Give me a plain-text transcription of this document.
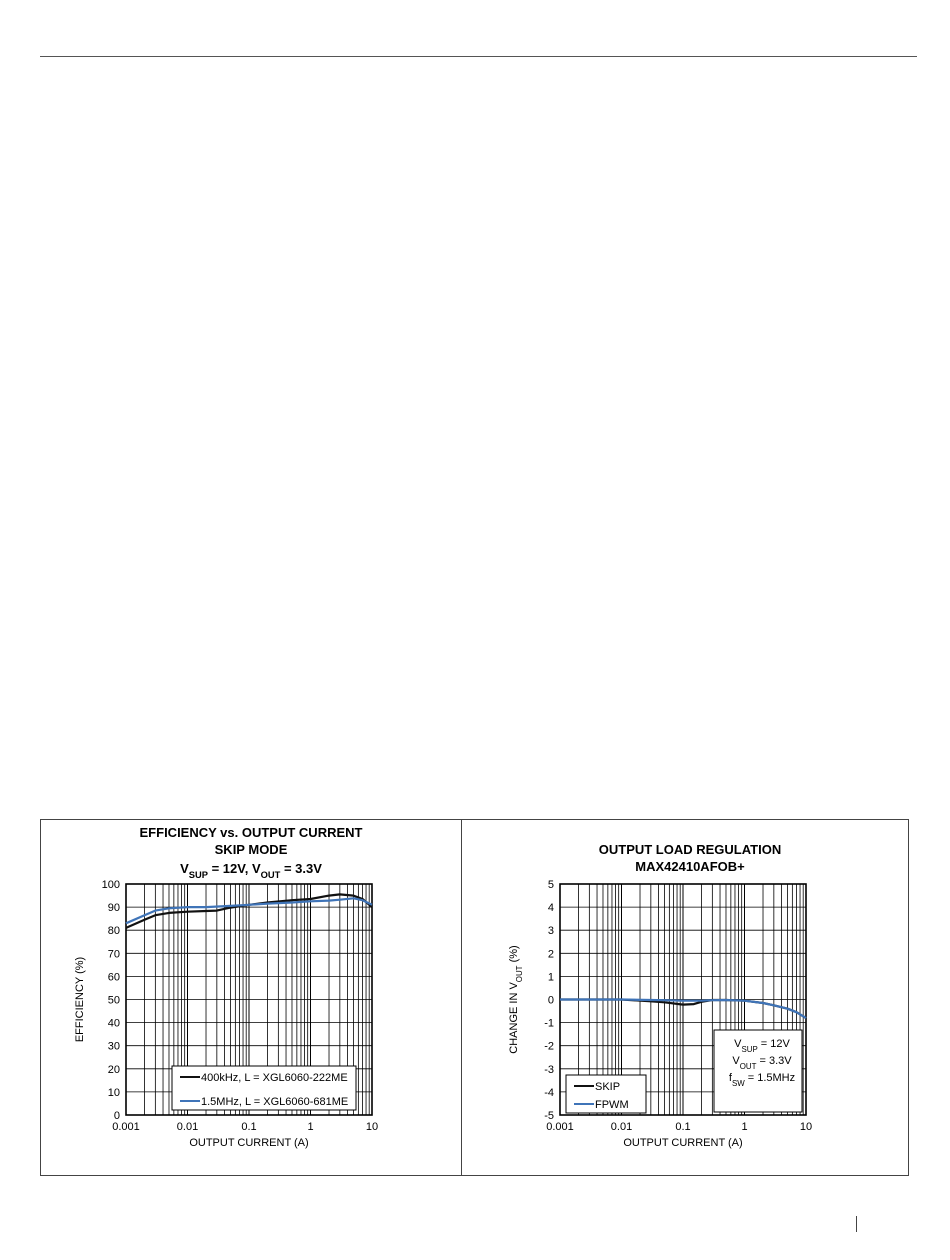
EFFICIENCY vs. OUTPUT CURRENT
SKIP MODE
$V_{SUP} = 12V$, $V_{OUT} = 3.3V$
0
10
20
30
40
50
60
70
80
90
100
0.001	0.01	0.1	1	10
OUTPUT CURRENT (A)
EFFICIENCY (%)
400kHz, L = XGL6060-222ME
1.5MHz, L = XGL6060-681ME
OUTPUT LOAD REGULATION
MAX42410AFOB+
-5
-4
-3
-2
-1
0
1
2
3
4
5
0.001	0.01	0.1	1	10
OUTPUT CURRENT (A)
CHANGE IN $V_{OUT}$ (%)
SKIP
FPWM
$V_{SUP} = 12V$
$V_{OUT} = 3.3V$
$f_{SW} = 1.5MHz$
